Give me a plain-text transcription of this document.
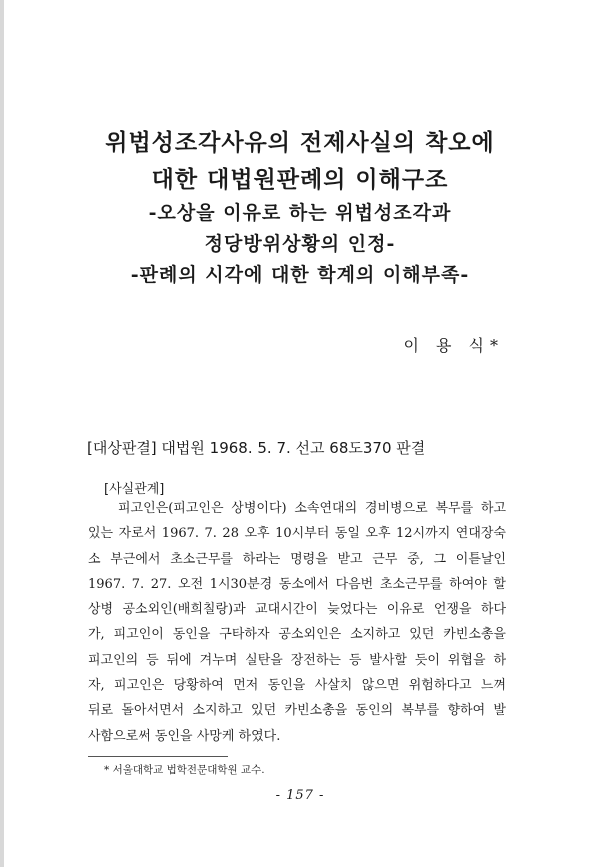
위법성조각사유의 전제사실의 착오에
대한 대법원판례의 이해구조
-오상을 이유로 하는 위법성조각과
정당방위상황의 인정-
-판례의 시각에 대한 학계의 이해부족-
이 용 식*
[대상판결] 대법원 1968. 5. 7. 선고 68도370 판결
[사실관계]
피고인은(피고인은 상병이다) 소속연대의 경비병으로 복무를 하고
있는 자로서 1967. 7. 28 오후 10시부터 동일 오후 12시까지 연대장숙
소 부근에서 초소근무를 하라는 명령을 받고 근무 중, 그 이튿날인
1967. 7. 27. 오전 1시30분경 동소에서 다음번 초소근무를 하여야 할
상병 공소외인(배희칠랑)과 교대시간이 늦었다는 이유로 언쟁을 하다
가, 피고인이 동인을 구타하자 공소외인은 소지하고 있던 카빈소총을
피고인의 등 뒤에 겨누며 실탄을 장전하는 등 발사할 듯이 위협을 하
자, 피고인은 당황하여 먼저 동인을 사살치 않으면 위험하다고 느껴
뒤로 돌아서면서 소지하고 있던 카빈소총을 동인의 복부를 향하여 발
사함으로써 동인을 사망케 하였다.
* 서울대학교 법학전문대학원 교수.
- 157 -
